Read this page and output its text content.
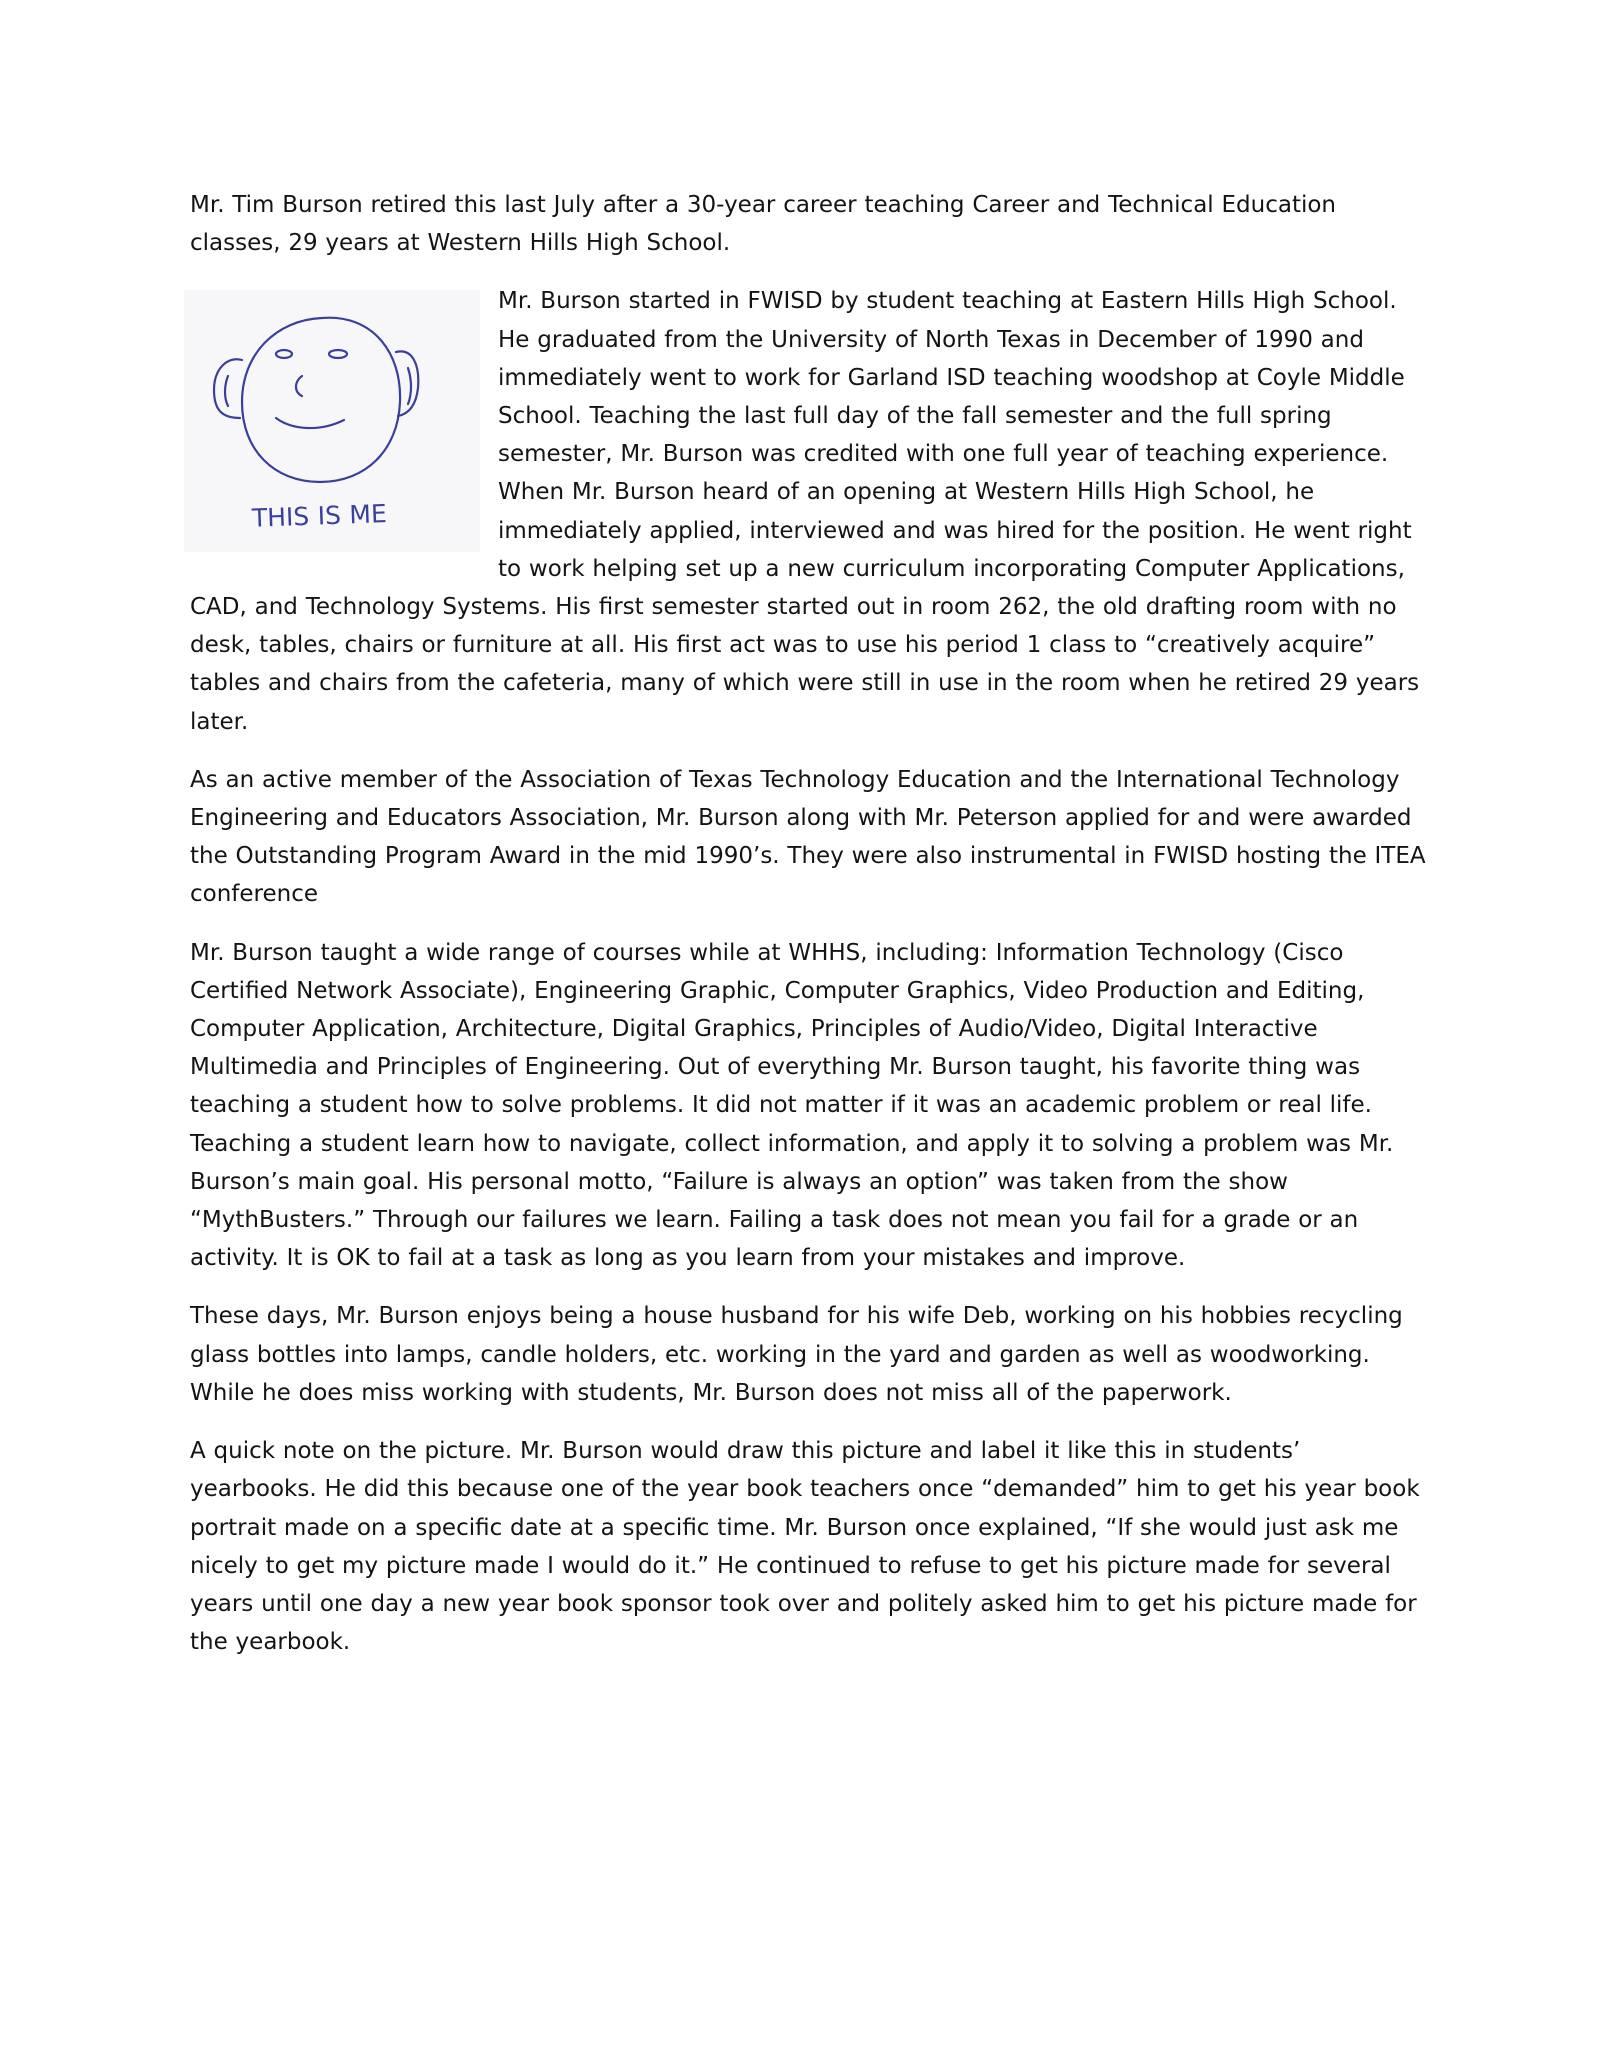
Mr. Tim Burson retired this last July after a 30-year career teaching Career and Technical Education classes, 29 years at Western Hills High School.

THIS IS ME

Mr. Burson started in FWISD by student teaching at Eastern Hills High School. He graduated from the University of North Texas in December of 1990 and immediately went to work for Garland ISD teaching woodshop at Coyle Middle School. Teaching the last full day of the fall semester and the full spring semester, Mr. Burson was credited with one full year of teaching experience. When Mr. Burson heard of an opening at Western Hills High School, he immediately applied, interviewed and was hired for the position. He went right to work helping set up a new curriculum incorporating Computer Applications, CAD, and Technology Systems. His first semester started out in room 262, the old drafting room with no desk, tables, chairs or furniture at all. His first act was to use his period 1 class to “creatively acquire” tables and chairs from the cafeteria, many of which were still in use in the room when he retired 29 years later.

As an active member of the Association of Texas Technology Education and the International Technology Engineering and Educators Association, Mr. Burson along with Mr. Peterson applied for and were awarded the Outstanding Program Award in the mid 1990’s. They were also instrumental in FWISD hosting the ITEA conference

Mr. Burson taught a wide range of courses while at WHHS, including: Information Technology (Cisco Certified Network Associate), Engineering Graphic, Computer Graphics, Video Production and Editing, Computer Application, Architecture, Digital Graphics, Principles of Audio/Video, Digital Interactive Multimedia and Principles of Engineering. Out of everything Mr. Burson taught, his favorite thing was teaching a student how to solve problems. It did not matter if it was an academic problem or real life. Teaching a student learn how to navigate, collect information, and apply it to solving a problem was Mr. Burson’s main goal. His personal motto, “Failure is always an option” was taken from the show “MythBusters.” Through our failures we learn. Failing a task does not mean you fail for a grade or an activity. It is OK to fail at a task as long as you learn from your mistakes and improve.

These days, Mr. Burson enjoys being a house husband for his wife Deb, working on his hobbies recycling glass bottles into lamps, candle holders, etc. working in the yard and garden as well as woodworking. While he does miss working with students, Mr. Burson does not miss all of the paperwork.

A quick note on the picture. Mr. Burson would draw this picture and label it like this in students’ yearbooks. He did this because one of the year book teachers once “demanded” him to get his year book portrait made on a specific date at a specific time. Mr. Burson once explained, “If she would just ask me nicely to get my picture made I would do it.” He continued to refuse to get his picture made for several years until one day a new year book sponsor took over and politely asked him to get his picture made for the yearbook.
